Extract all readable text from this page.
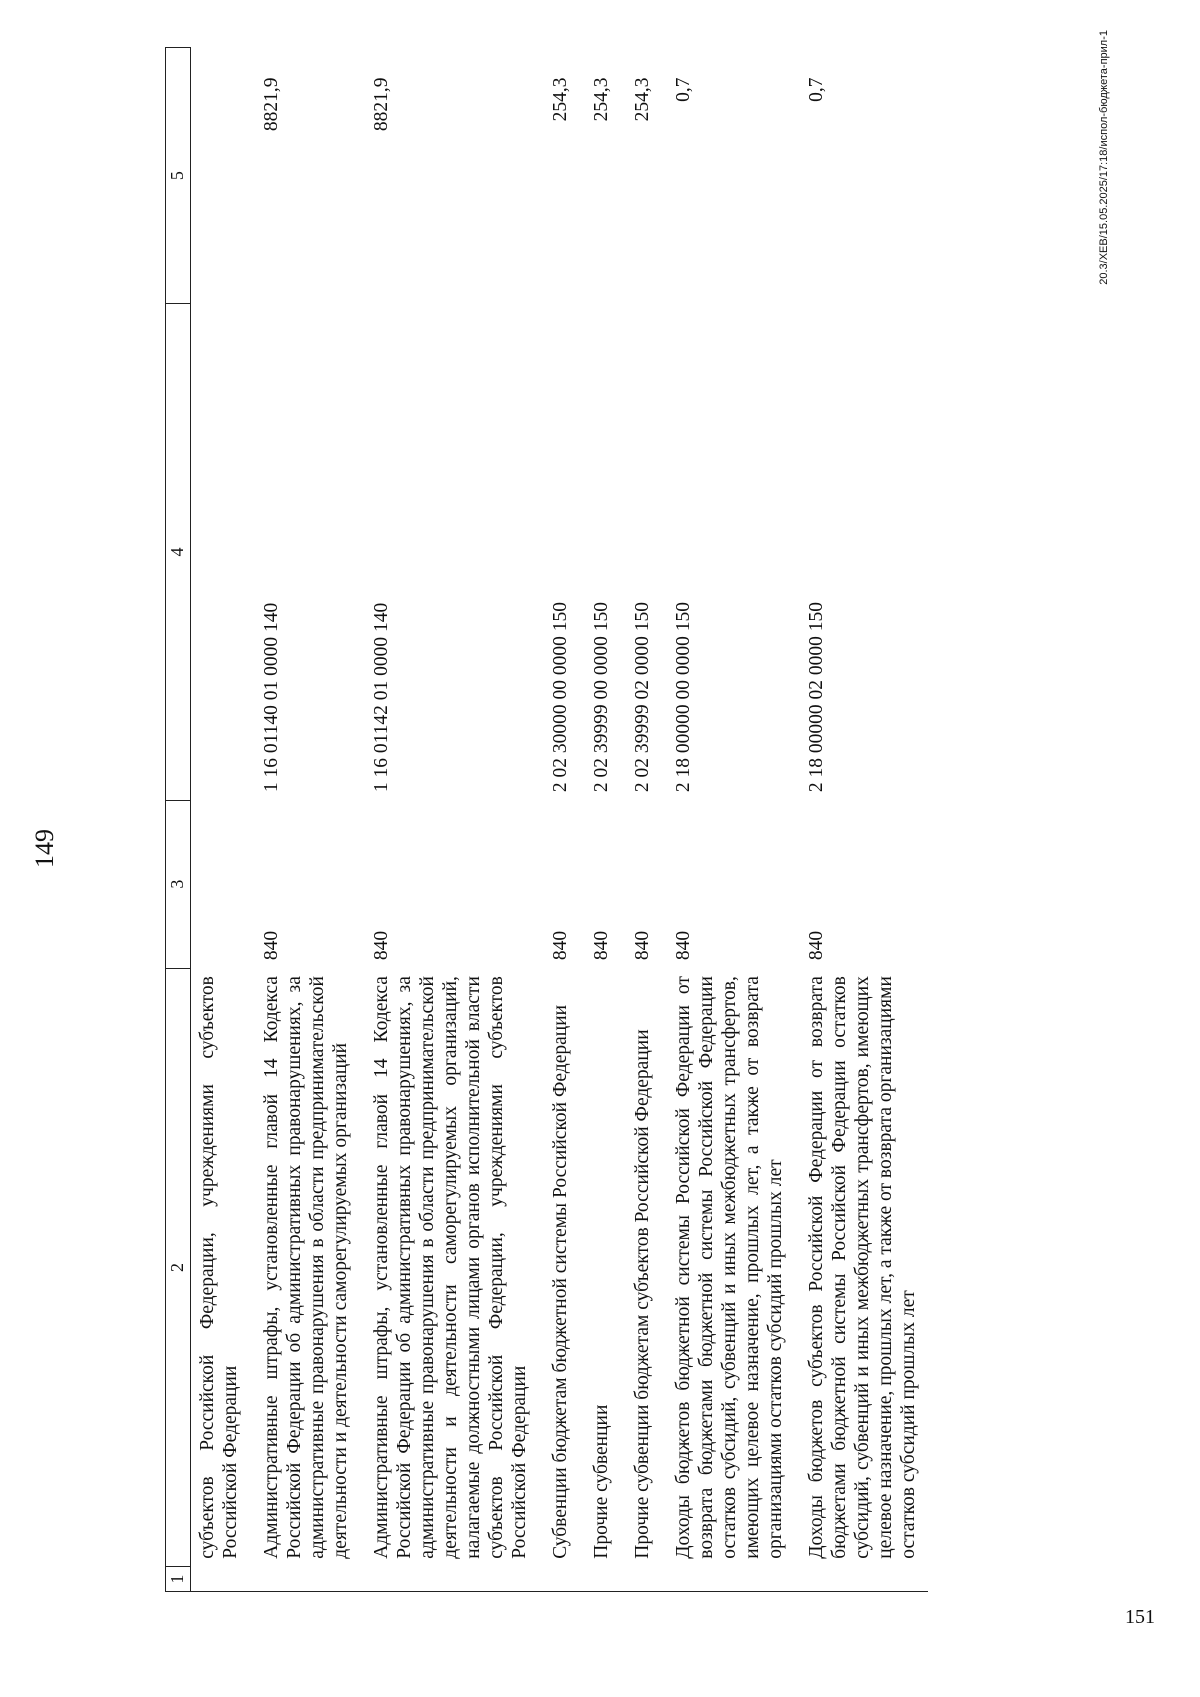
149
1	2	3	4	5
	субъектов Российской Федерации, учреждениями субъектов Российской Федерации			
	Административные штрафы, установленные главой 14 Кодекса Российской Федерации об административных правонарушениях, за административные правонарушения в области предпринимательской деятельности и деятельности саморегулируемых организаций	840	1 16 01140 01 0000 140	8821,9
	Административные штрафы, установленные главой 14 Кодекса Российской Федерации об административных правонарушениях, за административные правонарушения в области предпринимательской деятельности и деятельности саморегулируемых организаций, налагаемые должностными лицами органов исполнительной власти субъектов Российской Федерации, учреждениями субъектов Российской Федерации	840	1 16 01142 01 0000 140	8821,9
	Субвенции бюджетам бюджетной системы Российской Федерации	840	2 02 30000 00 0000 150	254,3
	Прочие субвенции	840	2 02 39999 00 0000 150	254,3
	Прочие субвенции бюджетам субъектов Российской Федерации	840	2 02 39999 02 0000 150	254,3
	Доходы бюджетов бюджетной системы Российской Федерации от возврата бюджетами бюджетной системы Российской Федерации остатков субсидий, субвенций и иных межбюджетных трансфертов, имеющих целевое назначение, прошлых лет, а также от возврата организациями остатков субсидий прошлых лет	840	2 18 00000 00 0000 150	0,7
	Доходы бюджетов субъектов Российской Федерации от возврата бюджетами бюджетной системы Российской Федерации остатков субсидий, субвенций и иных межбюджетных трансфертов, имеющих целевое назначение, прошлых лет, а также от возврата организациями остатков субсидий прошлых лет	840	2 18 00000 02 0000 150	0,7	20.3/XEB/15.05.2025/17:18/испол-бюджета-прил-1
151
